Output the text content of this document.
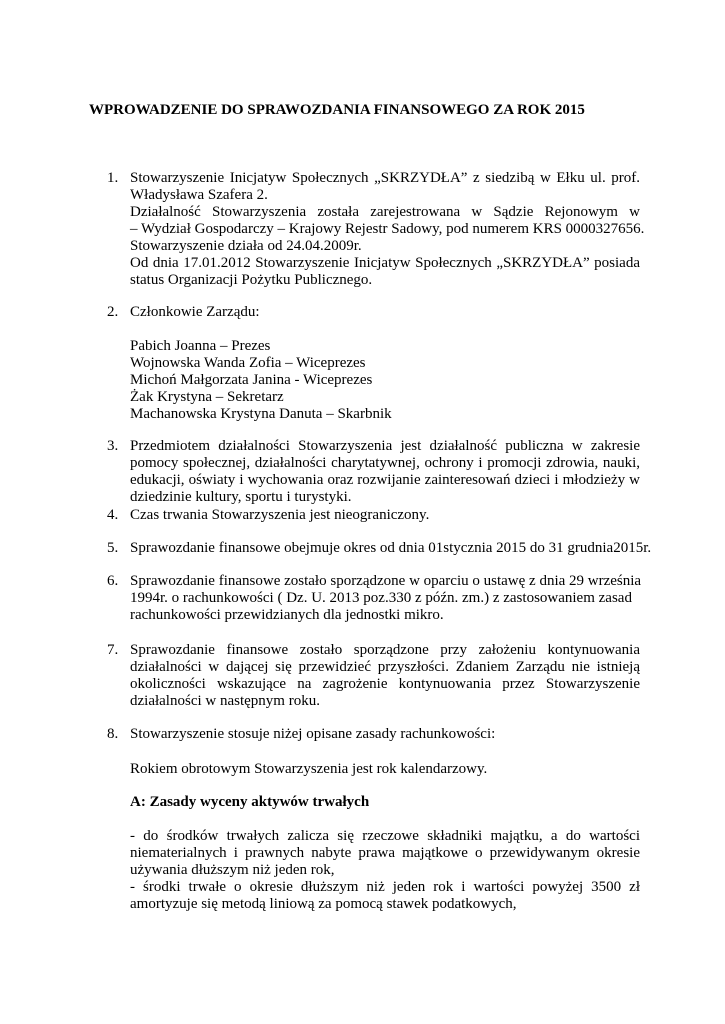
WPROWADZENIE DO SPRAWOZDANIA FINANSOWEGO ZA ROK 2015
1. Stowarzyszenie Inicjatyw Społecznych „SKRZYDŁA” z siedzibą w Ełku ul. prof.
Władysława Szafera 2.
Działalność Stowarzyszenia została zarejestrowana w Sądzie Rejonowym w
– Wydział Gospodarczy – Krajowy Rejestr Sadowy, pod numerem KRS 0000327656.
Stowarzyszenie działa od 24.04.2009r.
Od dnia 17.01.2012 Stowarzyszenie Inicjatyw Społecznych „SKRZYDŁA” posiada
status Organizacji Pożytku Publicznego.
2. Członkowie Zarządu:
Pabich Joanna – Prezes
Wojnowska Wanda Zofia – Wiceprezes
Michoń Małgorzata Janina - Wiceprezes
Żak Krystyna – Sekretarz
Machanowska Krystyna Danuta – Skarbnik
3. Przedmiotem działalności Stowarzyszenia jest działalność publiczna w zakresie
pomocy społecznej, działalności charytatywnej, ochrony i promocji zdrowia, nauki,
edukacji, oświaty i wychowania oraz rozwijanie zainteresowań dzieci i młodzieży w
dziedzinie kultury, sportu i turystyki.
4. Czas trwania Stowarzyszenia jest nieograniczony.
5. Sprawozdanie finansowe obejmuje okres od dnia 01stycznia 2015 do 31 grudnia2015r.
6. Sprawozdanie finansowe zostało sporządzone w oparciu o ustawę z dnia 29 września
1994r. o rachunkowości ( Dz. U. 2013 poz.330 z późn. zm.) z zastosowaniem zasad
rachunkowości przewidzianych dla jednostki mikro.
7. Sprawozdanie finansowe zostało sporządzone przy założeniu kontynuowania
działalności w dającej się przewidzieć przyszłości. Zdaniem Zarządu nie istnieją
okoliczności wskazujące na zagrożenie kontynuowania przez Stowarzyszenie
działalności w następnym roku.
8. Stowarzyszenie stosuje niżej opisane zasady rachunkowości:
Rokiem obrotowym Stowarzyszenia jest rok kalendarzowy.
A: Zasady wyceny aktywów trwałych
- do środków trwałych zalicza się rzeczowe składniki majątku, a do wartości
niematerialnych i prawnych nabyte prawa majątkowe o przewidywanym okresie
używania dłuższym niż jeden rok,
- środki trwałe o okresie dłuższym niż jeden rok i wartości powyżej 3500 zł
amortyzuje się metodą liniową za pomocą stawek podatkowych,
